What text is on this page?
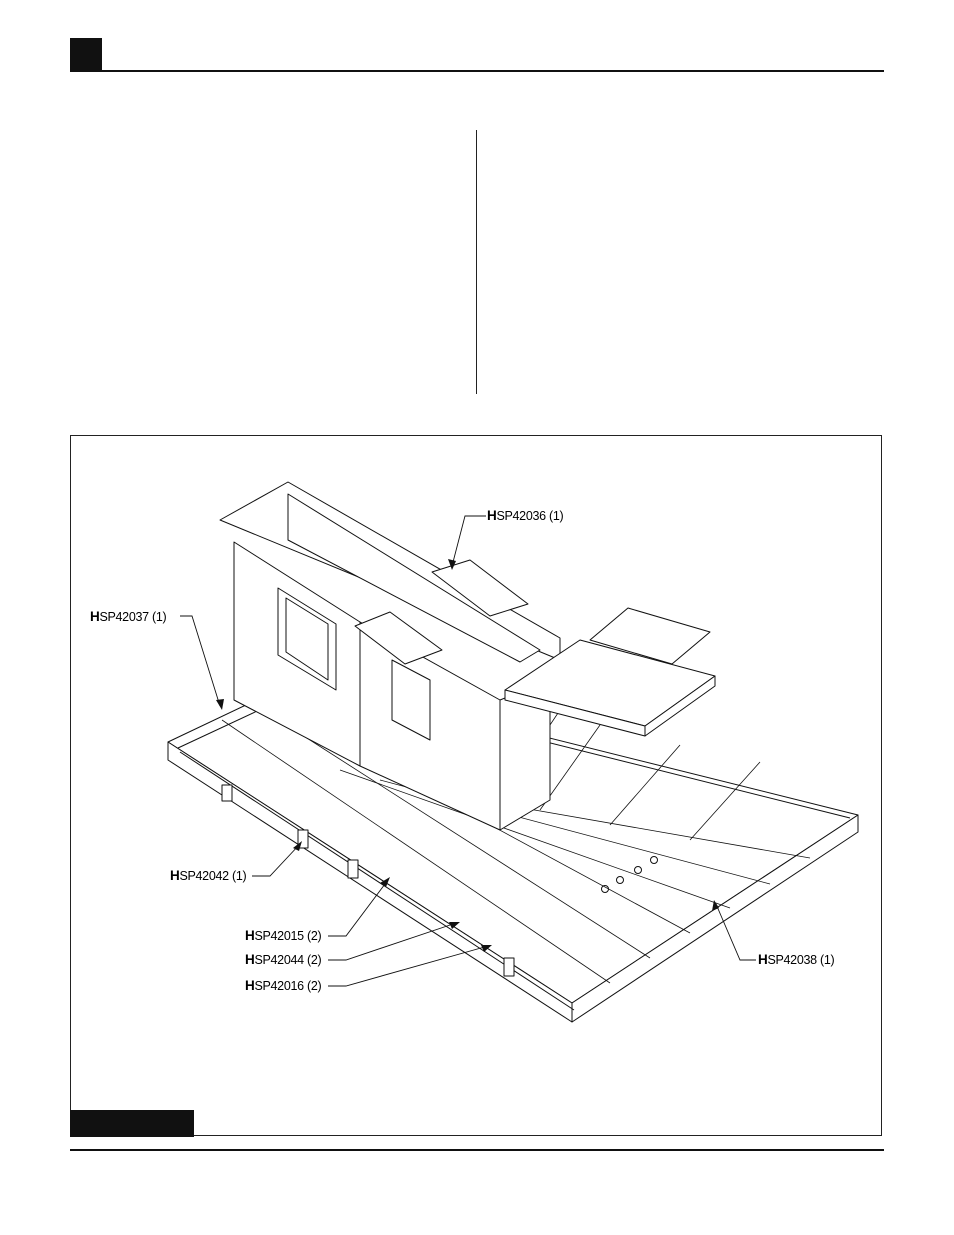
HSP42036 (1)
HSP42037 (1)
HSP42042 (1)
HSP42015 (2)
HSP42044 (2)
HSP42016 (2)
HSP42038 (1)
